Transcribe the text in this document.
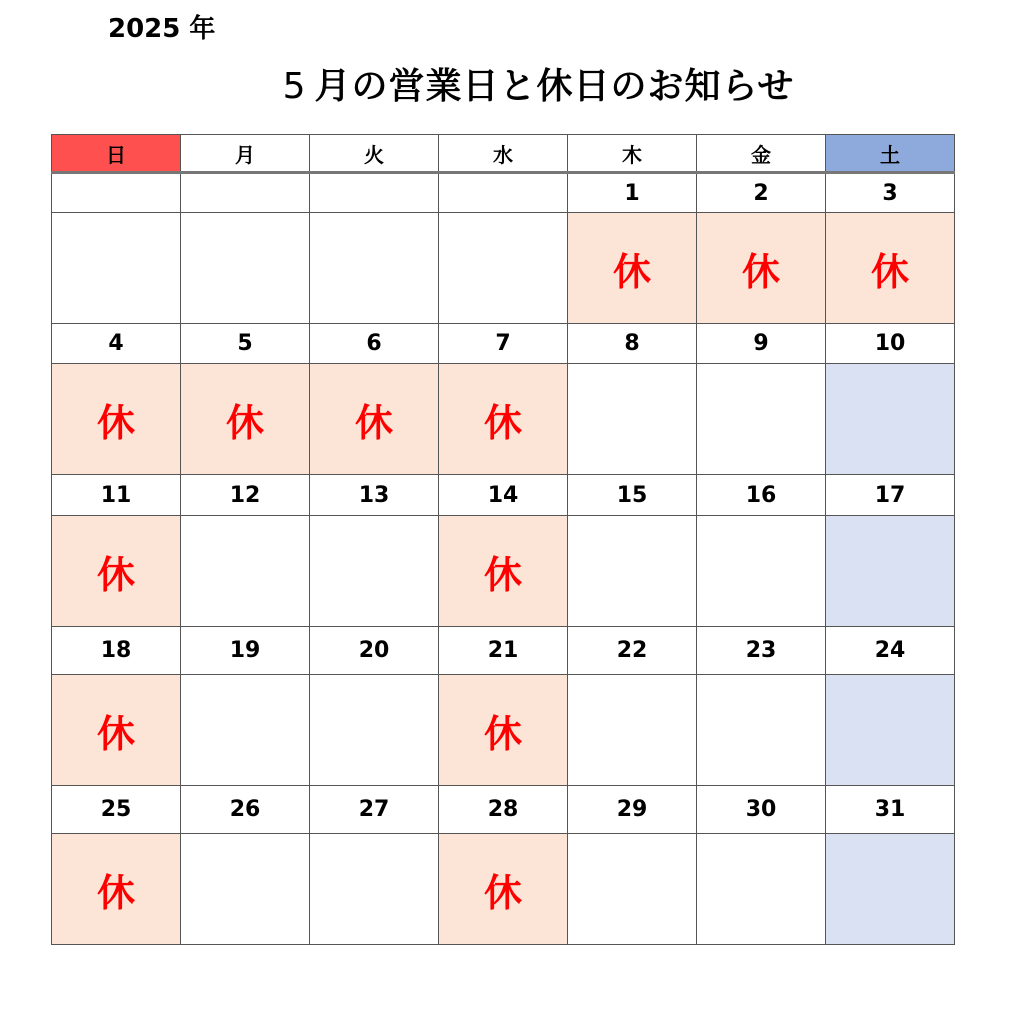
2025 年
5 月の営業日と休日のお知らせ
日	月	火	水	木	金	土
				1	2	3
				休	休	休
4	5	6	7	8	9	10
休	休	休	休			
11	12	13	14	15	16	17
休			休			
18	19	20	21	22	23	24
休			休			
25	26	27	28	29	30	31
休			休			
